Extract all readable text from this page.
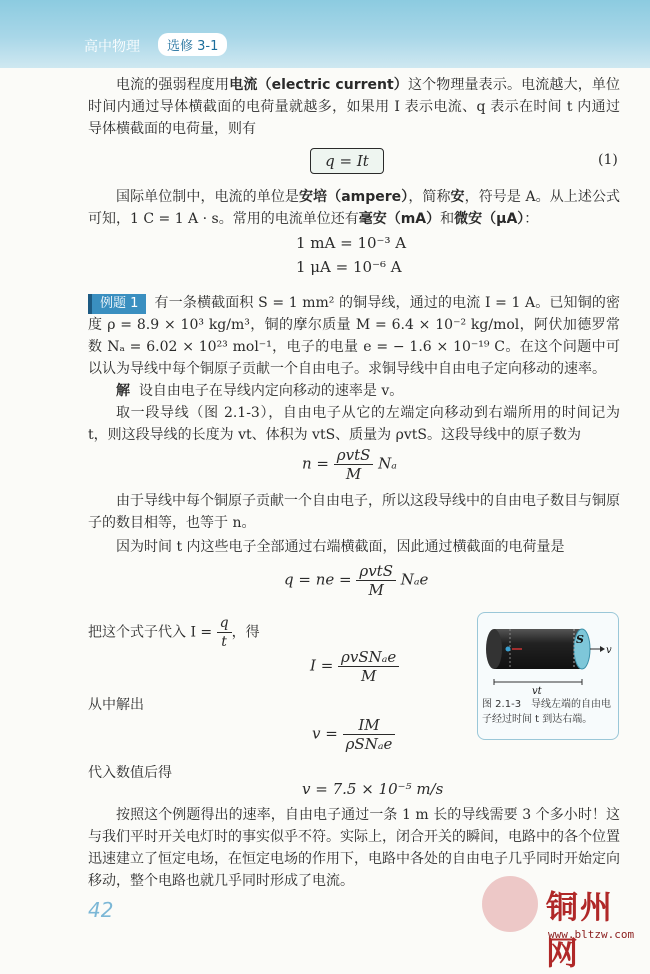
高中物理	选修 3-1
电流的强弱程度用电流（electric current）这个物理量表示。电流越大，单位时间内通过导体横截面的电荷量就越多，如果用 I 表示电流、q 表示在时间 t 内通过导体横截面的电荷量，则有
q = It	(1)
国际单位制中，电流的单位是安培（ampere），简称安，符号是 A。从上述公式可知，1 C = 1 A · s。常用的电流单位还有毫安（mA）和微安（μA）：
1 mA = 10⁻³ A
1 μA = 10⁻⁶ A
例题 1 有一条横截面积 S = 1 mm² 的铜导线，通过的电流 I = 1 A。已知铜的密度 ρ = 8.9 × 10³ kg/m³，铜的摩尔质量 M = 6.4 × 10⁻² kg/mol，阿伏加德罗常数 Nₐ = 6.02 × 10²³ mol⁻¹，电子的电量 e = − 1.6 × 10⁻¹⁹ C。在这个问题中可以认为导线中每个铜原子贡献一个自由电子。求铜导线中自由电子定向移动的速率。
解 设自由电子在导线内定向移动的速率是 v。
取一段导线（图 2.1-3），自由电子从它的左端定向移动到右端所用的时间记为 t，则这段导线的长度为 vt、体积为 vtS、质量为 ρvtS。这段导线中的原子数为
$n = \frac{\text{ρvtS}}{M}$ Nₐ
由于导线中每个铜原子贡献一个自由电子，所以这段导线中的自由电子数目与铜原子的数目相等，也等于 n。
因为时间 t 内这些电子全部通过右端横截面，因此通过横截面的电荷量是
q = ne = $\frac{\text{ρvtS}}{M}$ Nₐe
把这个式子代入 $I = \frac{q}{t}$ ，得
$I = \frac{\text{ρvSNₐe}}{M}$
从中解出
$v = \frac{IM}{\text{ρSNₐe}}$
代入数值后得
v = 7.5 × 10⁻⁵ m/s
按照这个例题得出的速率，自由电子通过一条 1 m 长的导线需要 3 个多小时！这与我们平时开关电灯时的事实似乎不符。实际上，闭合开关的瞬间，电路中的各个位置迅速建立了恒定电场，在恒定电场的作用下，电路中各处的自由电子几乎同时开始定向移动，整个电路也就几乎同时形成了电流。
S
v
vt
图 2.1-3　导线左端的自由电子经过时间 t 到达右端。
42	铜州网
www.bltzw.com
